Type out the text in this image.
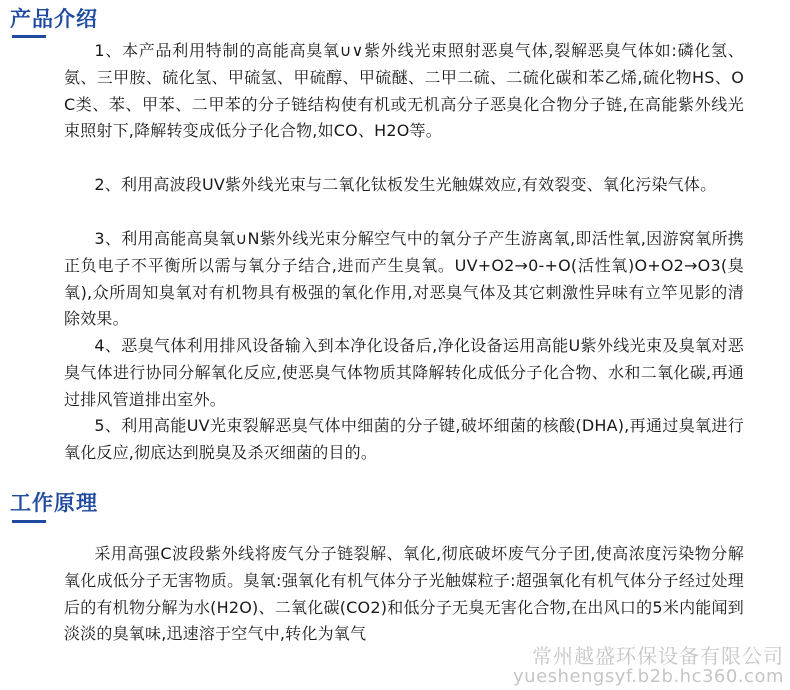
产品介绍

1、本产品利用特制的高能高臭氧∪∨紫外线光束照射恶臭气体,裂解恶臭气体如:磷化氢、氨、三甲胺、硫化氢、甲硫氢、甲硫醇、甲硫醚、二甲二硫、二硫化碳和苯乙烯,硫化物HS、OC类、苯、甲苯、二甲苯的分子链结构使有机或无机高分子恶臭化合物分子链,在高能紫外线光束照射下,降解转变成低分子化合物,如CO、H2O等。

2、利用高波段UV紫外线光束与二氧化钛板发生光触媒效应,有效裂变、氧化污染气体。

3、利用高能高臭氧∪N紫外线光束分解空气中的氧分子产生游离氧,即活性氧,因游窝氧所携正负电子不平衡所以需与氧分子结合,进而产生臭氧。UV+O2→0-+O(活性氧)O+O2→O3(臭氧),众所周知臭氧对有机物具有极强的氧化作用,对恶臭气体及其它刺激性异味有立竿见影的清除效果。

4、恶臭气体利用排风设备输入到本净化设备后,净化设备运用高能U紫外线光束及臭氧对恶臭气体进行协同分解氧化反应,使恶臭气体物质其降解转化成低分子化合物、水和二氧化碳,再通过排风管道排出室外。

5、利用高能UV光束裂解恶臭气体中细菌的分子键,破坏细菌的核酸(DHA),再通过臭氧进行氧化反应,彻底达到脱臭及杀灭细菌的目的。

工作原理

采用高强C波段紫外线将废气分子链裂解、氧化,彻底破坏废气分子团,使高浓度污染物分解氧化成低分子无害物质。臭氧:强氧化有机气体分子光触媒粒子:超强氧化有机气体分子经过处理后的有机物分解为水(H2O)、二氧化碳(CO2)和低分子无臭无害化合物,在出风口的5米内能闻到淡淡的臭氧味,迅速溶于空气中,转化为氧气

常州越盛环保设备有限公司
yueshengsyf.b2b.hc360.com
